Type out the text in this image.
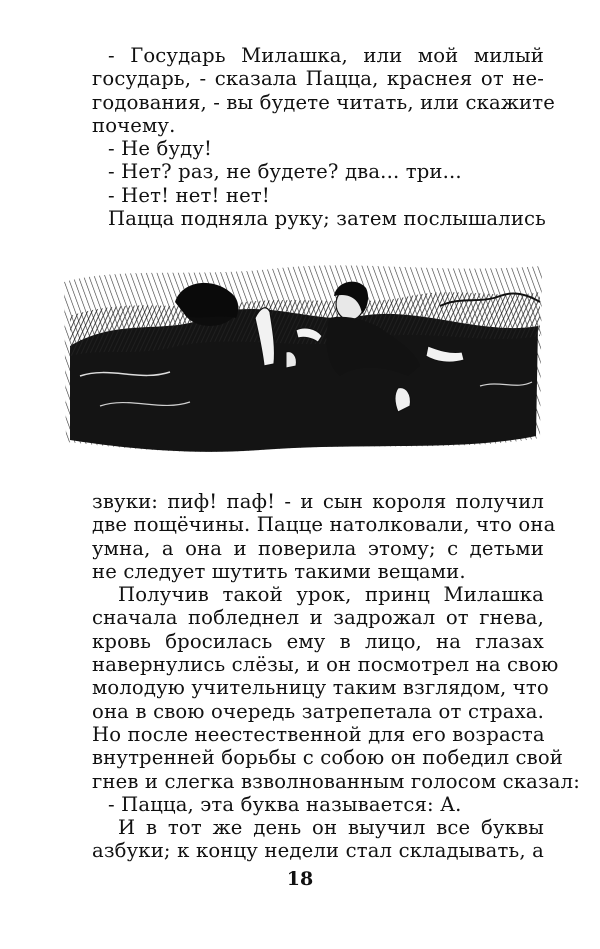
- Государь Милашка, или мой милый
государь, - сказала Пацца, краснея от не-
годования, - вы будете читать, или скажите
почему.
- Не буду!
- Нет? раз, не будете? два... три...
- Нет! нет! нет!
Пацца подняла руку; затем послышались
звуки: пиф! паф! - и сын короля получил
две пощёчины. Пацце натолковали, что она
умна, а она и поверила этому; с детьми
не следует шутить такими вещами.
Получив такой урок, принц Милашка
сначала побледнел и задрожал от гнева,
кровь бросилась ему в лицо, на глазах
навернулись слёзы, и он посмотрел на свою
молодую учительницу таким взглядом, что
она в свою очередь затрепетала от страха.
Но после неестественной для его возраста
внутренней борьбы с собою он победил свой
гнев и слегка взволнованным голосом сказал:
- Пацца, эта буква называется: А.
И в тот же день он выучил все буквы
азбуки; к концу недели стал складывать, а
18
